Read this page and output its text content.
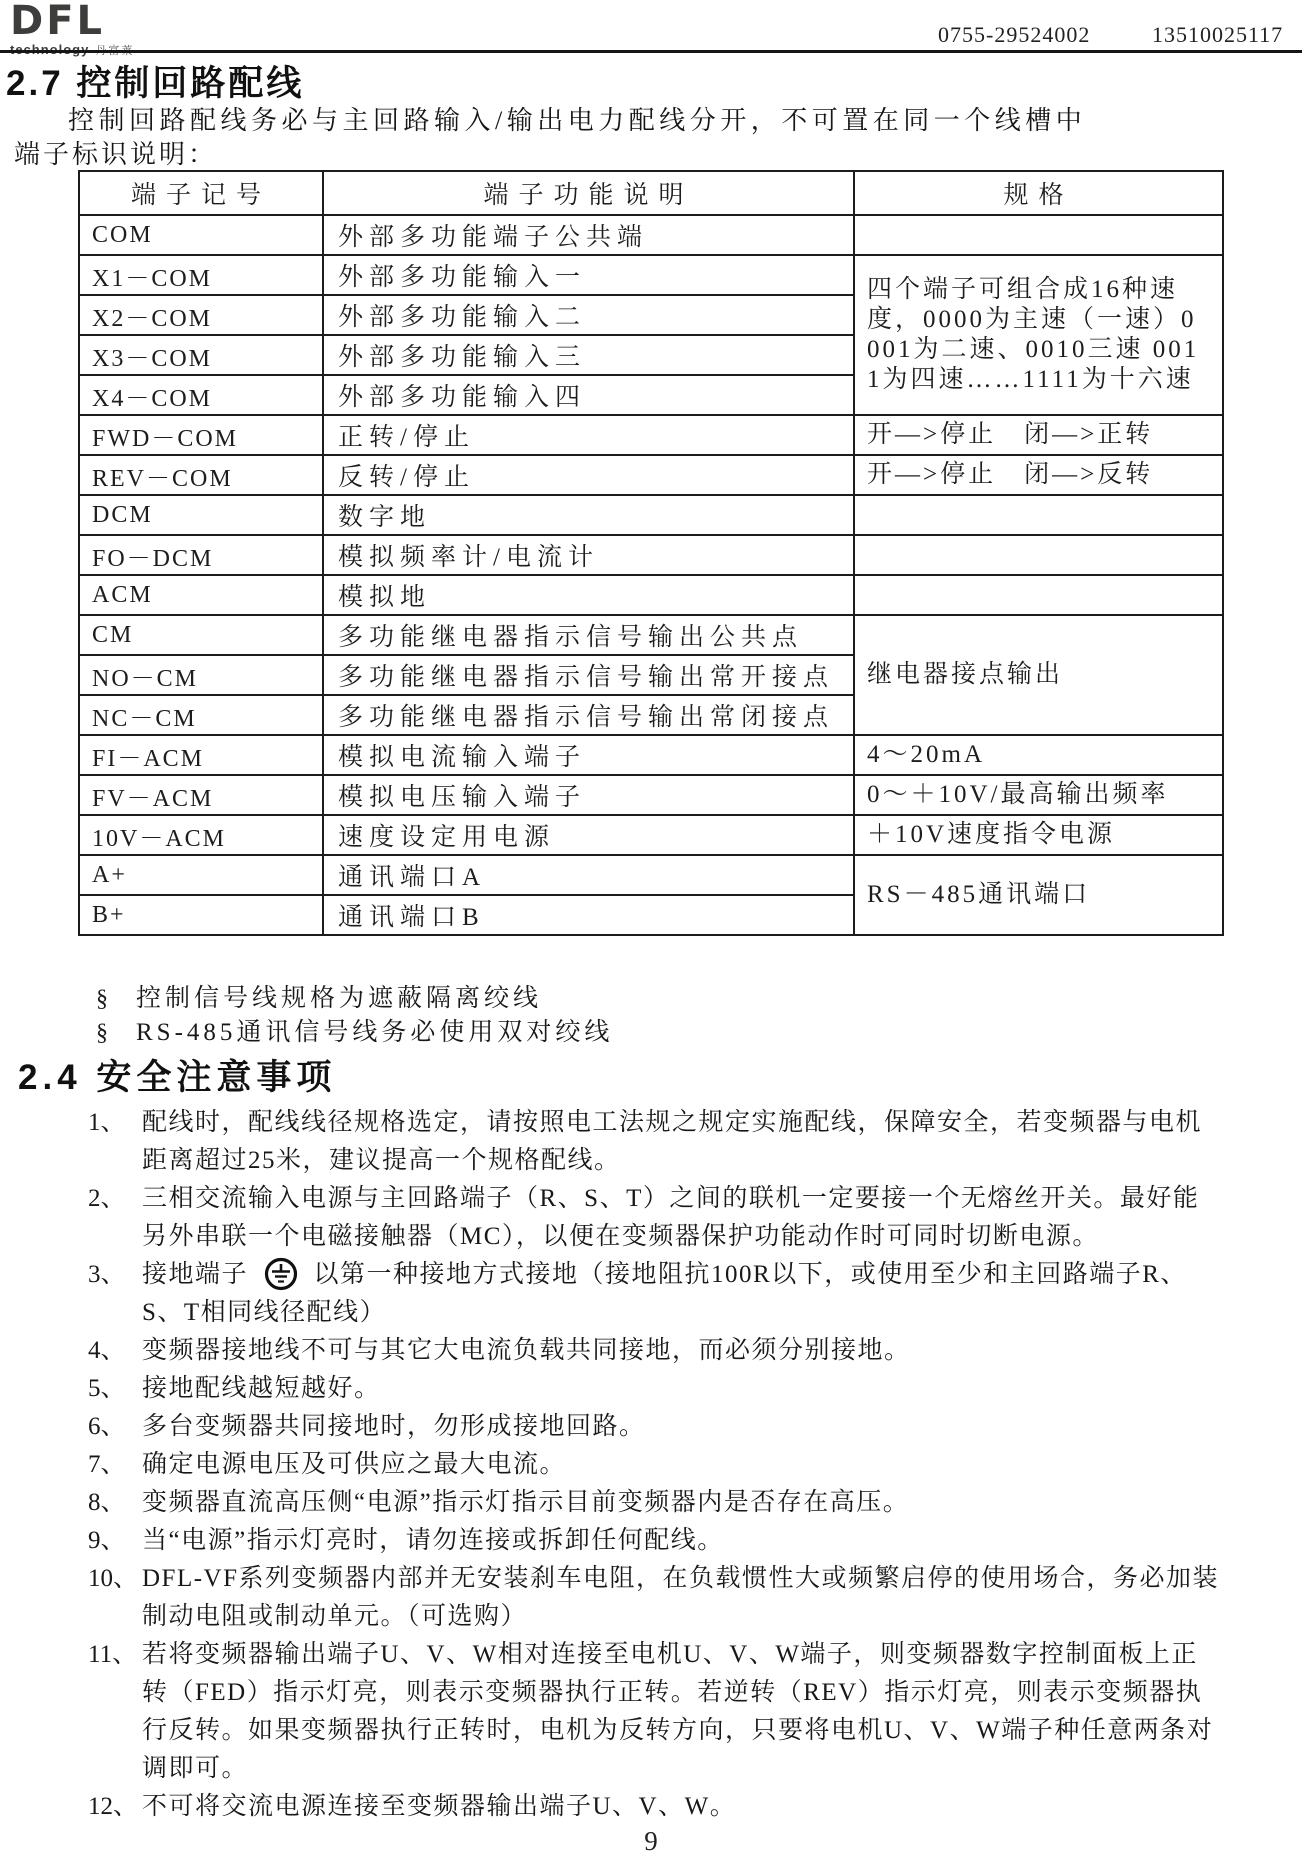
DFL	0755-29524002	13510025117
2.7 控制回路配线
控制回路配线务必与主回路输入/输出电力配线分开，不可置在同一个线槽中
端子标识说明：
端子记号	端子功能说明	规格
COM	外部多功能端子公共端	
X1－COM	外部多功能输入一	四个端子可组合成16种速度，0000为主速（一速）0001为二速、0010三速 0011为四速……1111为十六速
X2－COM	外部多功能输入二	
X3－COM	外部多功能输入三	
X4－COM	外部多功能输入四	
FWD－COM	正转/停止	开—>停止　闭—>正转
REV－COM	反转/停止	开—>停止　闭—>反转
DCM	数字地	
FO－DCM	模拟频率计/电流计	
ACM	模拟地	
CM	多功能继电器指示信号输出公共点	继电器接点输出
NO－CM	多功能继电器指示信号输出常开接点	
NC－CM	多功能继电器指示信号输出常闭接点	
FI－ACM	模拟电流输入端子	4～20mA
FV－ACM	模拟电压输入端子	0～＋10V/最高输出频率
10V－ACM	速度设定用电源	＋10V速度指令电源
A+	通讯端口A	RS－485通讯端口
B+	通讯端口B	
§ 控制信号线规格为遮蔽隔离绞线
§ RS-485通讯信号线务必使用双对绞线
2.4 安全注意事项
1、 配线时，配线线径规格选定，请按照电工法规之规定实施配线，保障安全，若变频器与电机距离超过25米，建议提高一个规格配线。
2、 三相交流输入电源与主回路端子（R、S、T）之间的联机一定要接一个无熔丝开关。最好能另外串联一个电磁接触器（MC），以便在变频器保护功能动作时可同时切断电源。
3、 接地端子	以第一种接地方式接地（接地阻抗100R以下，或使用至少和主回路端子R、S、T相同线径配线）
4、 变频器接地线不可与其它大电流负载共同接地，而必须分别接地。
5、 接地配线越短越好。
6、 多台变频器共同接地时，勿形成接地回路。
7、 确定电源电压及可供应之最大电流。
8、 变频器直流高压侧“电源”指示灯指示目前变频器内是否存在高压。
9、 当“电源”指示灯亮时，请勿连接或拆卸任何配线。
10、 DFL-VF系列变频器内部并无安装刹车电阻，在负载惯性大或频繁启停的使用场合，务必加装制动电阻或制动单元。（可选购）
11、 若将变频器输出端子U、V、W相对连接至电机U、V、W端子，则变频器数字控制面板上正转（FED）指示灯亮，则表示变频器执行正转。若逆转（REV）指示灯亮，则表示变频器执行反转。如果变频器执行正转时，电机为反转方向，只要将电机U、V、W端子种任意两条对调即可。
12、 不可将交流电源连接至变频器输出端子U、V、W。
9
